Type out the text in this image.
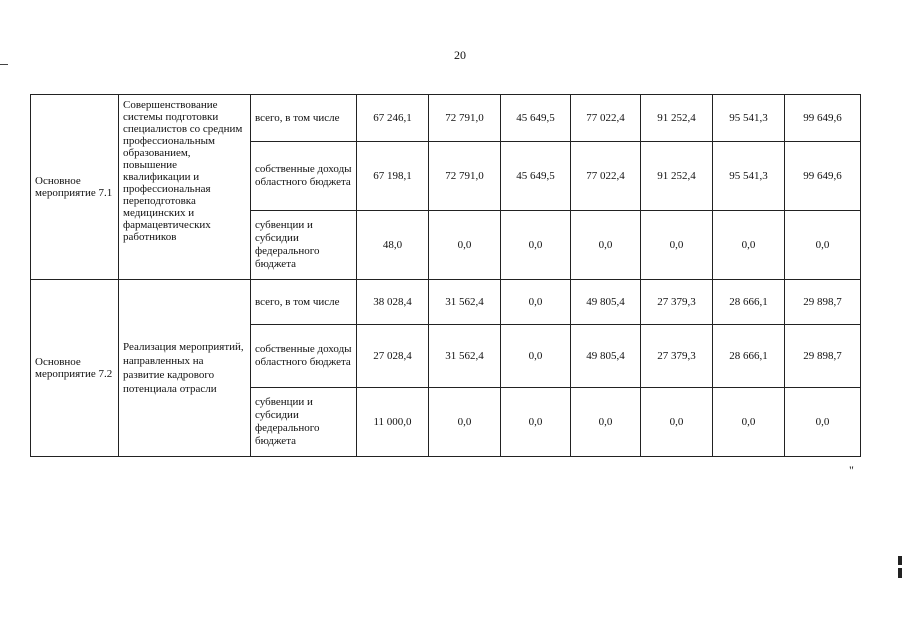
20
Основное мероприятие 7.1	Совершенствование системы подготовки специалистов со средним профессиональным образованием, повышение квалификации и профессиональная переподготовка медицинских и фармацевтических работников	всего, в том числе	67 246,1	72 791,0	45 649,5	77 022,4	91 252,4	95 541,3	99 649,6
		собственные доходы областного бюджета	67 198,1	72 791,0	45 649,5	77 022,4	91 252,4	95 541,3	99 649,6
		субвенции и субсидии федерального бюджета	48,0	0,0	0,0	0,0	0,0	0,0	0,0
Основное мероприятие 7.2	Реализация мероприятий, направленных на развитие кадрового потенциала отрасли	всего, в том числе	38 028,4	31 562,4	0,0	49 805,4	27 379,3	28 666,1	29 898,7
		собственные доходы областного бюджета	27 028,4	31 562,4	0,0	49 805,4	27 379,3	28 666,1	29 898,7
		субвенции и субсидии федерального бюджета	11 000,0	0,0	0,0	0,0	0,0	0,0	0,0
"
